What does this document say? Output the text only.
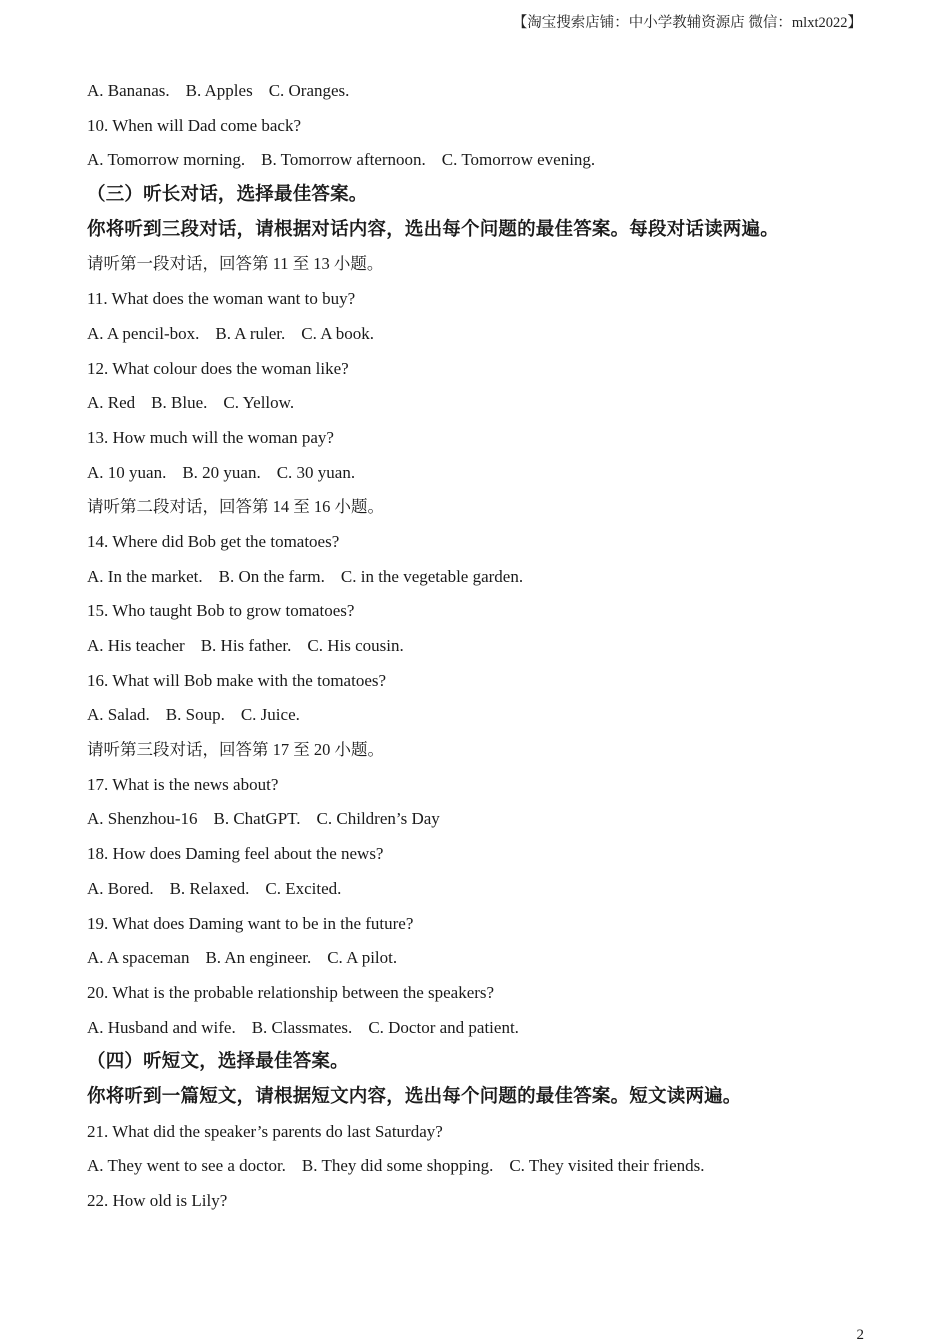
【淘宝搜索店铺：中小学教辅资源店 微信：mlxt2022】
A. Bananas. B. Apples C. Oranges.
10. When will Dad come back?
A. Tomorrow morning. B. Tomorrow afternoon. C. Tomorrow evening.
（三）听长对话，选择最佳答案。
你将听到三段对话，请根据对话内容，选出每个问题的最佳答案。每段对话读两遍。
请听第一段对话，回答第 11 至 13 小题。
11. What does the woman want to buy?
A. A pencil-box. B. A ruler. C. A book.
12. What colour does the woman like?
A. Red B. Blue. C. Yellow.
13. How much will the woman pay?
A. 10 yuan. B. 20 yuan. C. 30 yuan.
请听第二段对话，回答第 14 至 16 小题。
14. Where did Bob get the tomatoes?
A. In the market. B. On the farm. C. in the vegetable garden.
15. Who taught Bob to grow tomatoes?
A. His teacher B. His father. C. His cousin.
16. What will Bob make with the tomatoes?
A. Salad. B. Soup. C. Juice.
请听第三段对话，回答第 17 至 20 小题。
17. What is the news about?
A. Shenzhou-16 B. ChatGPT. C. Children’s Day
18. How does Daming feel about the news?
A. Bored. B. Relaxed. C. Excited.
19. What does Daming want to be in the future?
A. A spaceman B. An engineer. C. A pilot.
20. What is the probable relationship between the speakers?
A. Husband and wife. B. Classmates. C. Doctor and patient.
（四）听短文，选择最佳答案。
你将听到一篇短文，请根据短文内容，选出每个问题的最佳答案。短文读两遍。
21. What did the speaker’s parents do last Saturday?
A. They went to see a doctor. B. They did some shopping. C. They visited their friends.
22. How old is Lily?
2
